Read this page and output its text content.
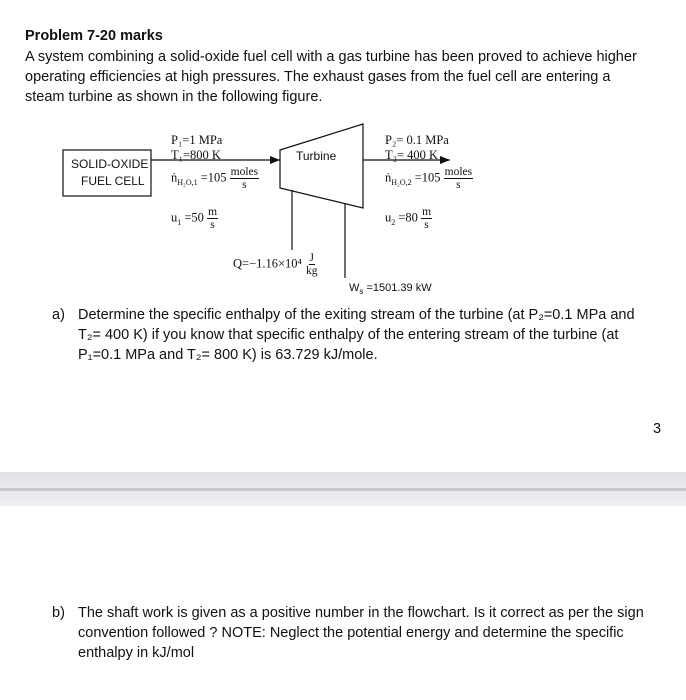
Problem 7-20 marks
A system combining a solid-oxide fuel cell with a gas turbine has been proved to achieve higher
operating efficiencies at high pressures. The exhaust gases from the fuel cell are entering a
steam turbine as shown in the following figure.
SOLID-OXIDE
FUEL CELL
Turbine
P₁=1 MPa
T₁=800 K
ṅ$_{H_2O,1}$ $=105 \frac{\text{moles}}{s}$
$u_1 =50 \frac{m}{s}$
P₂= 0.1 MPa
T₂= 400 K
ṅ$_{H_2O,2}$ $=105 \frac{\text{moles}}{s}$
$u_2 =80 \frac{m}{s}$
$Q=-1.16\times 10^4 \frac{J}{kg}$
$W_s =1501.39$ kW
a) Determine the specific enthalpy of the exiting stream of the turbine (at P₂=0.1 MPa and
T₂= 400 K) if you know that specific enthalpy of the entering stream of the turbine (at
P₁=0.1 MPa and T₂= 800 K) is 63.729 kJ/mole.
3
b) The shaft work is given as a positive number in the flowchart. Is it correct as per the sign
convention followed ? NOTE: Neglect the potential energy and determine the specific
enthalpy in kJ/mol
